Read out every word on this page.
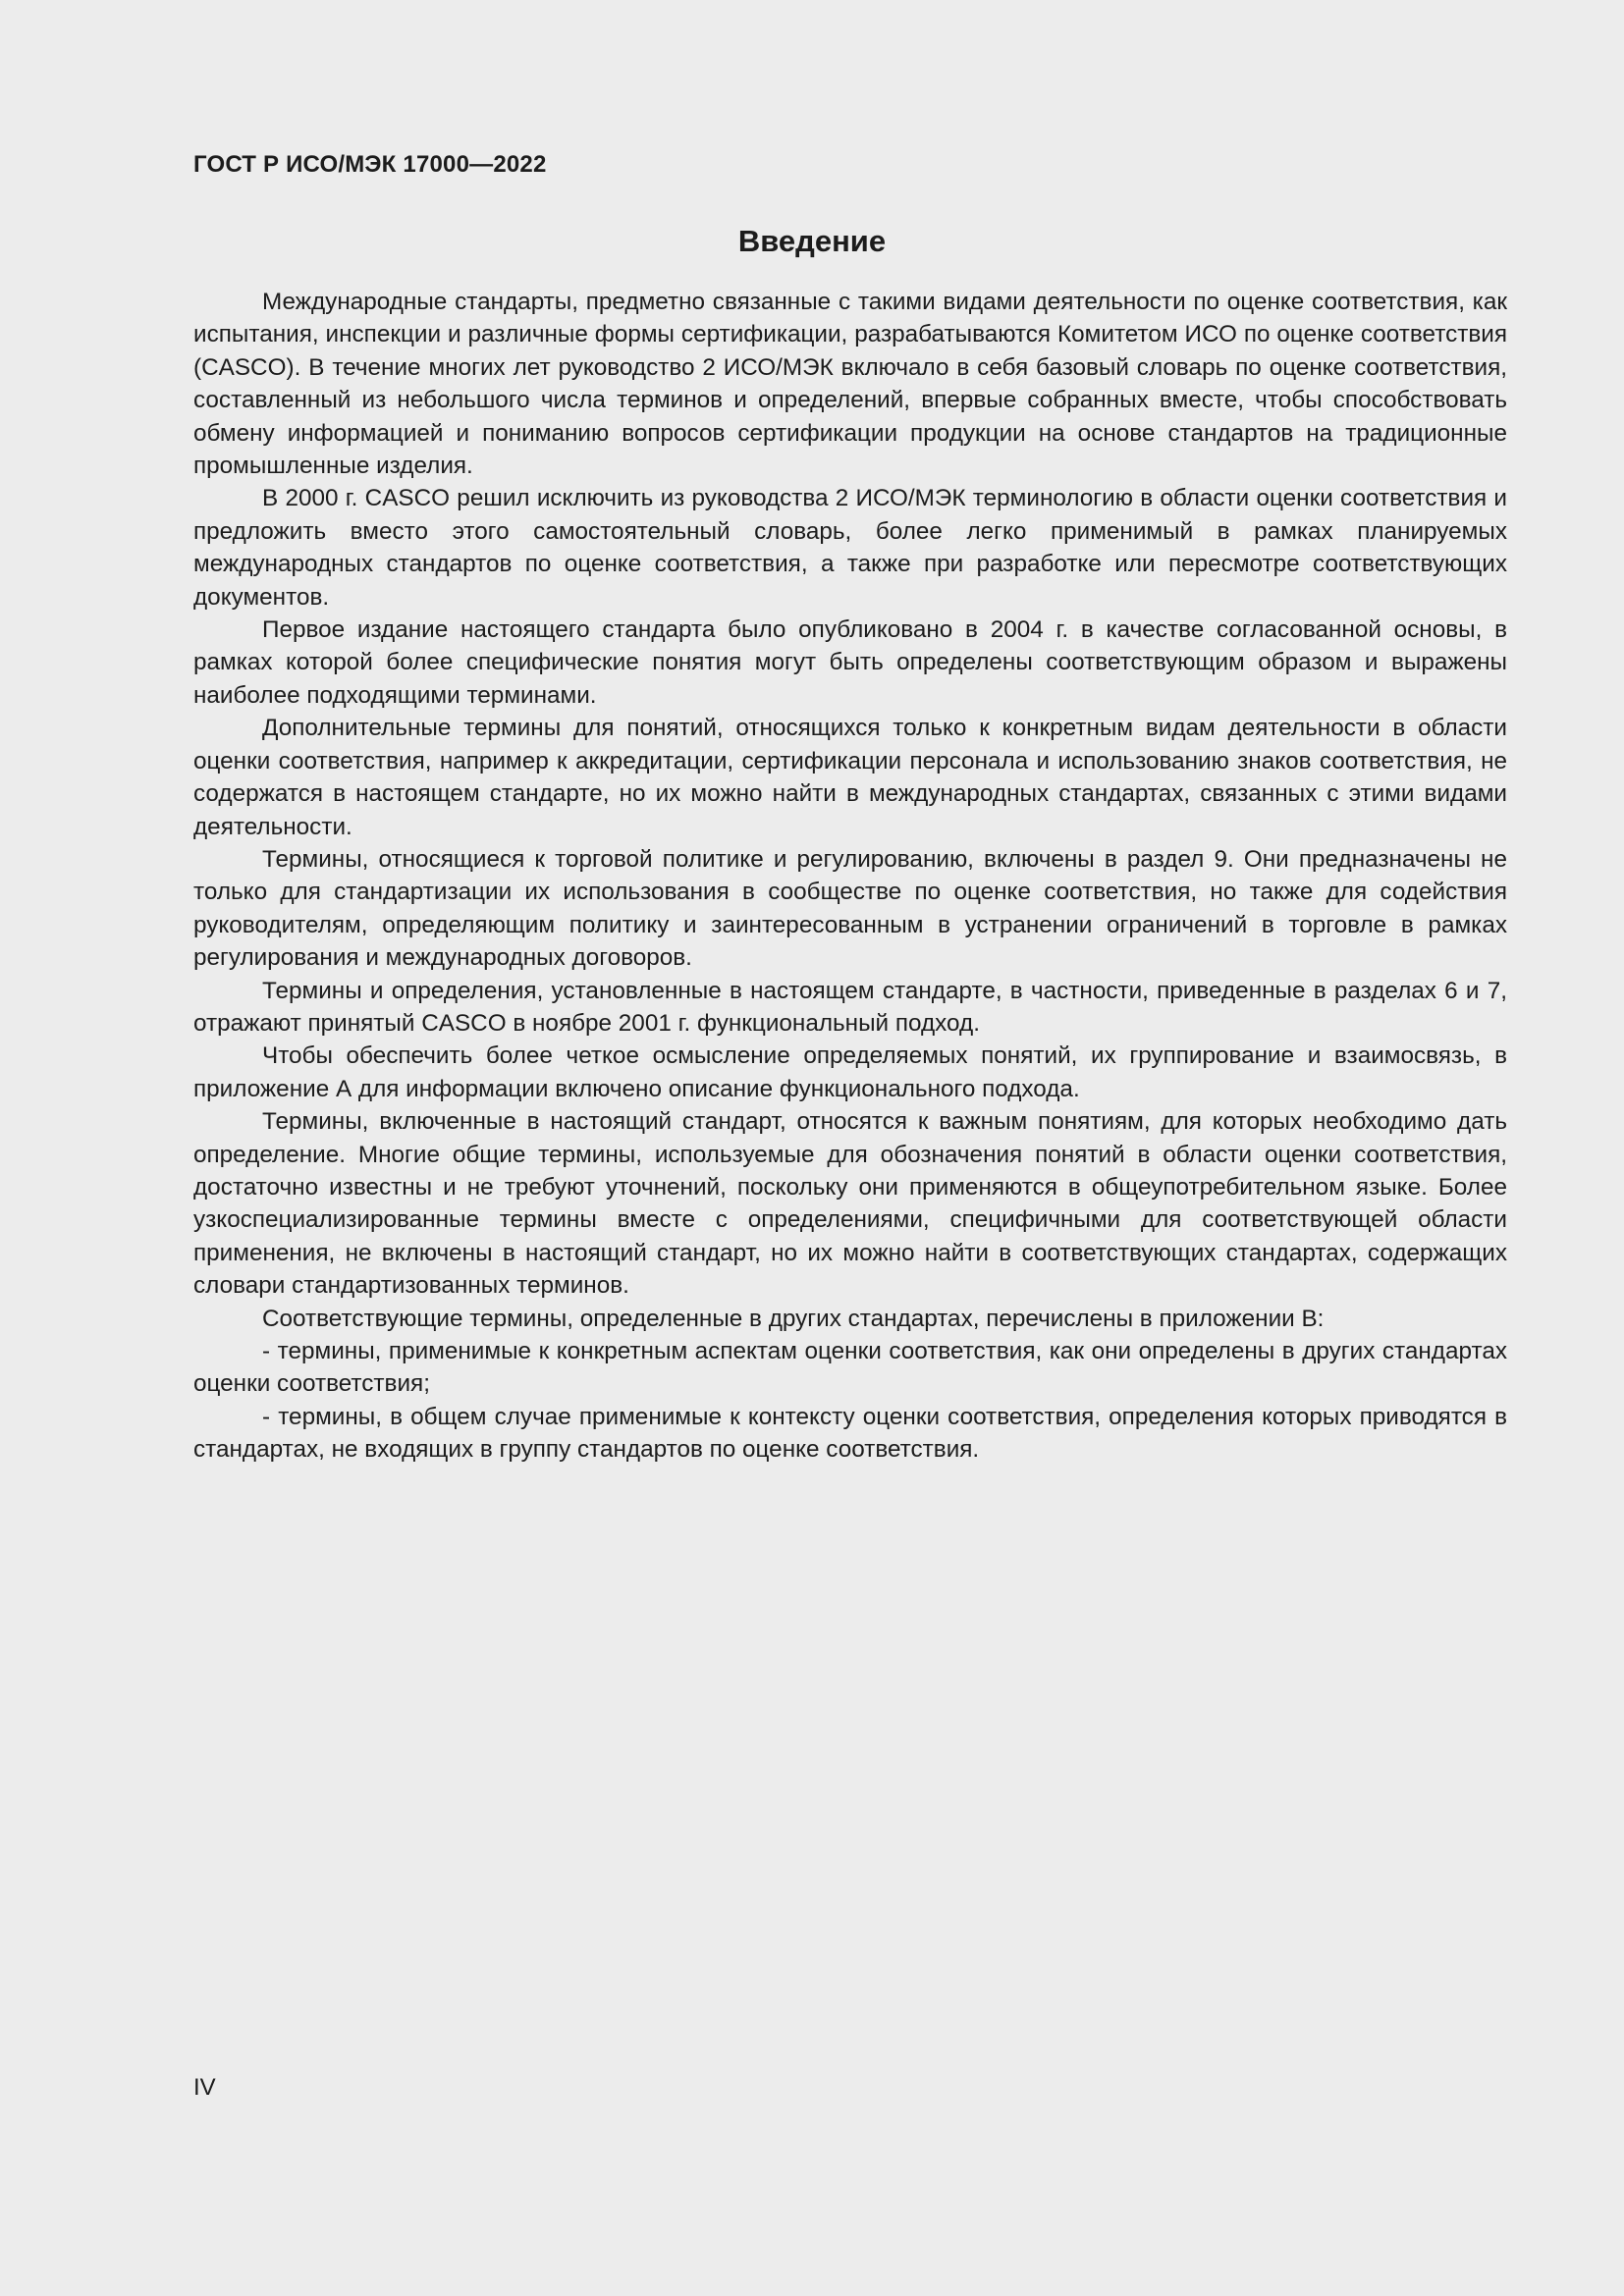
ГОСТ Р ИСО/МЭК 17000—2022
Введение

Международные стандарты, предметно связанные с такими видами деятельности по оценке соответствия, как испытания, инспекции и различные формы сертификации, разрабатываются Комитетом ИСО по оценке соответствия (CASCO). В течение многих лет руководство 2 ИСО/МЭК включало в себя базовый словарь по оценке соответствия, составленный из небольшого числа терминов и определений, впервые собранных вместе, чтобы способствовать обмену информацией и пониманию вопросов сертификации продукции на основе стандартов на традиционные промышленные изделия.

В 2000 г. CASCO решил исключить из руководства 2 ИСО/МЭК терминологию в области оценки соответствия и предложить вместо этого самостоятельный словарь, более легко применимый в рамках планируемых международных стандартов по оценке соответствия, а также при разработке или пересмотре соответствующих документов.

Первое издание настоящего стандарта было опубликовано в 2004 г. в качестве согласованной основы, в рамках которой более специфические понятия могут быть определены соответствующим образом и выражены наиболее подходящими терминами.

Дополнительные термины для понятий, относящихся только к конкретным видам деятельности в области оценки соответствия, например к аккредитации, сертификации персонала и использованию знаков соответствия, не содержатся в настоящем стандарте, но их можно найти в международных стандартах, связанных с этими видами деятельности.

Термины, относящиеся к торговой политике и регулированию, включены в раздел 9. Они предназначены не только для стандартизации их использования в сообществе по оценке соответствия, но также для содействия руководителям, определяющим политику и заинтересованным в устранении ограничений в торговле в рамках регулирования и международных договоров.

Термины и определения, установленные в настоящем стандарте, в частности, приведенные в разделах 6 и 7, отражают принятый CASCO в ноябре 2001 г. функциональный подход.

Чтобы обеспечить более четкое осмысление определяемых понятий, их группирование и взаимосвязь, в приложение А для информации включено описание функционального подхода.

Термины, включенные в настоящий стандарт, относятся к важным понятиям, для которых необходимо дать определение. Многие общие термины, используемые для обозначения понятий в области оценки соответствия, достаточно известны и не требуют уточнений, поскольку они применяются в общеупотребительном языке. Более узкоспециализированные термины вместе с определениями, специфичными для соответствующей области применения, не включены в настоящий стандарт, но их можно найти в соответствующих стандартах, содержащих словари стандартизованных терминов.

Соответствующие термины, определенные в других стандартах, перечислены в приложении В:

- термины, применимые к конкретным аспектам оценки соответствия, как они определены в других стандартах оценки соответствия;

- термины, в общем случае применимые к контексту оценки соответствия, определения которых приводятся в стандартах, не входящих в группу стандартов по оценке соответствия.

IV
